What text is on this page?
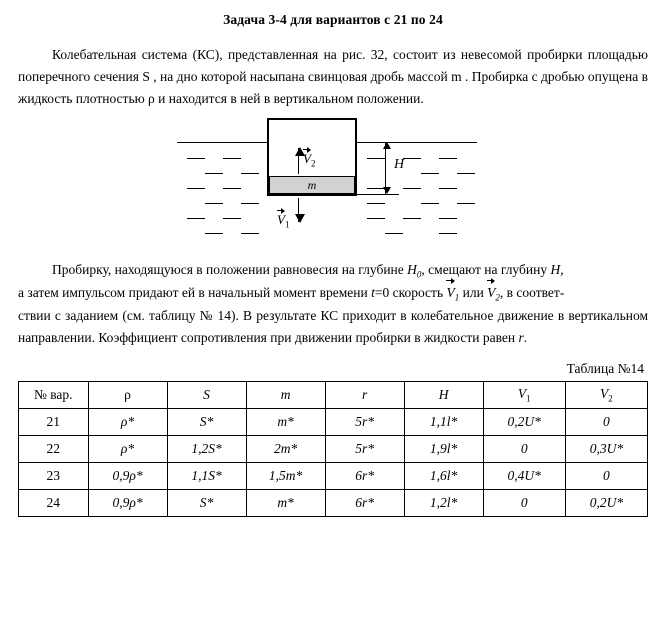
Задача 3-4 для вариантов с 21 по 24

Колебательная система (КС), представленная на рис. 32, состоит из невесомой пробирки площадью поперечного сечения S , на дно которой насыпана свинцовая дробь массой m . Пробирка с дробью опущена в жидкость плотностью ρ и находится в ней в вертикальном положении.

m
$V_2$
$V_1$
H

Пробирку, находящуюся в положении равновесия на глубине $H_0$, смещают на глубину H,

а затем импульсом придают ей в начальный момент времени t=0 скорость $V_1$ или $V_2$, в соответ-

ствии с заданием (см. таблицу № 14). В результате КС приходит в колебательное движение в вертикальном направлении. Коэффициент сопротивления при движении пробирки в жидкости равен r.

Таблица №14
№ вар.	ρ	S	m	r	H	$V_1$	$V_2$
21	ρ*	S*	m*	5r*	1,1l*	0,2U*	0
22	ρ*	1,2S*	2m*	5r*	1,9l*	0	0,3U*
23	0,9ρ*	1,1S*	1,5m*	6r*	1,6l*	0,4U*	0
24	0,9ρ*	S*	m*	6r*	1,2l*	0	0,2U*
